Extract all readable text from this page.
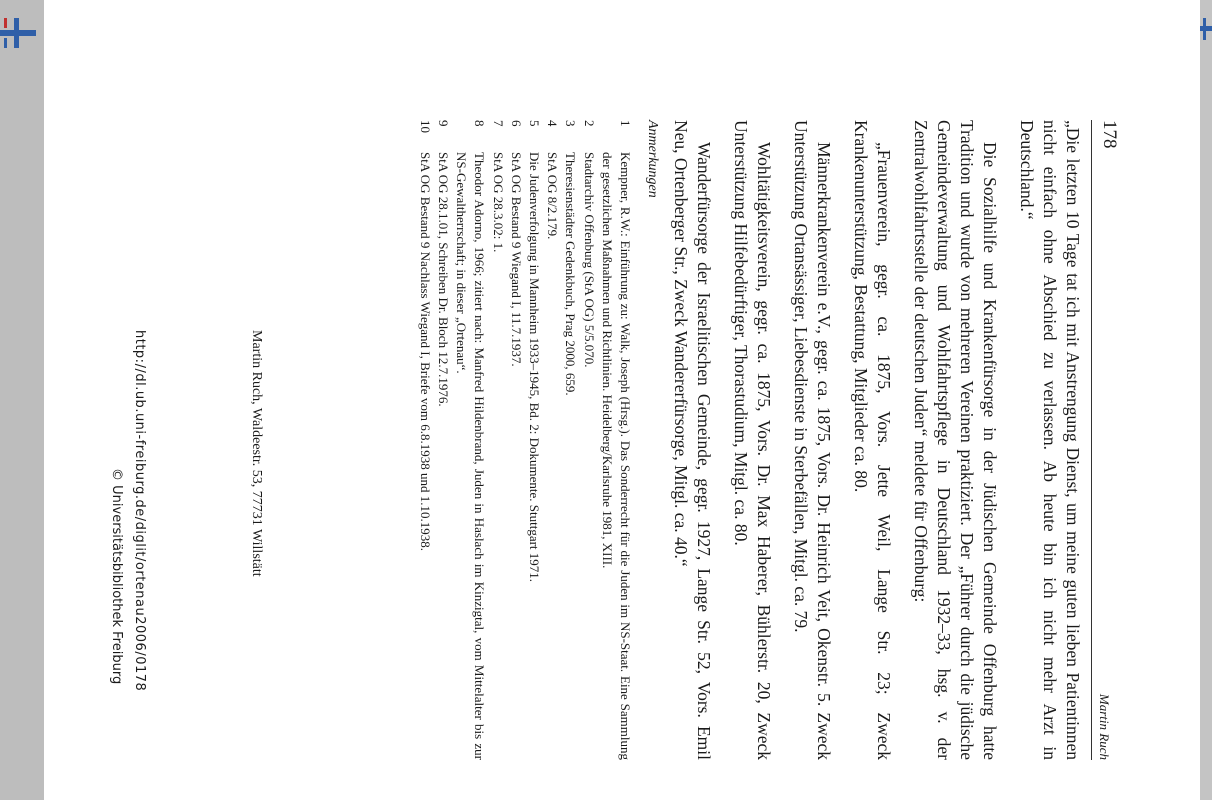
178
Martin Ruch

„Die letzten 10 Tage tat ich mit Anstrengung Dienst, um meine guten lieben Patientinnen nicht einfach ohne Abschied zu verlassen. Ab heute bin ich nicht mehr Arzt in Deutschland.“

Die Sozialhilfe und Krankenfürsorge in der Jüdischen Gemeinde Offenburg hatte Tradition und wurde von mehreren Vereinen praktiziert. Der „Führer durch die jüdische Gemeindeverwaltung und Wohlfahrtspflege in Deutschland 1932–33, hsg. v. der Zentralwohlfahrtsstelle der deutschen Juden“ meldete für Offenburg:

„Frauenverein, gegr. ca. 1875, Vors. Jette Weil, Lange Str. 23; Zweck Krankenunterstützung, Bestattung, Mitglieder ca. 80.

Männerkrankenverein e.V., gegr. ca. 1875, Vors. Dr. Heinrich Veit, Okenstr. 5. Zweck Unterstützung Ortansässiger, Liebesdienste in Sterbefällen, Mitgl. ca. 79.

Wohltätigkeitsverein, gegr. ca. 1875, Vors. Dr. Max Haberer, Bühlerstr. 20, Zweck Unterstützung Hilfebedürftiger, Thorastudium, Mitgl. ca. 80.

Wanderfürsorge der Israelitischen Gemeinde, gegr. 1927, Lange Str. 52, Vors. Emil Neu, Ortenberger Str., Zweck Wandererfürsorge, Mitgl. ca. 40.“

Anmerkungen
1
Kempner, R.W.: Einführung zu: Walk, Joseph (Hrsg.). Das Sonderrecht für die Juden im NS-Staat. Eine Sammlung der gesetzlichen Maßnahmen und Richtlinien. Heidelberg/Karlsruhe 1981, XIII.
2
Stadtarchiv Offenburg (StA OG) 5/5.070.
3
Theresienstädter Gedenkbuch, Prag 2000, 659.
4
StA OG 8/2.179.
5
Die Judenverfolgung in Mannheim 1933–1945, Bd. 2: Dokumente. Stuttgart 1971.
6
StA OG Bestand 9 Wiegand I, 11.7.1937.
7
StA OG 28.3.02: 1.
8
Theodor Adorno, 1966; zitiert nach: Manfred Hildenbrand, Juden in Haslach im Kinzigtal, vom Mittelalter bis zur NS-Gewaltherrschaft; in dieser „Ortenau“.
9
StA OG 28.1.01, Schreiben Dr. Bloch 12.7.1976.
10
StA OG Bestand 9 Nachlass Wiegand I, Briefe vom 6.8.1938 und 1.10.1938.
Martin Ruch, Waldeestr. 53, 77731 Willstätt
http://dl.ub.uni-freiburg.de/diglit/ortenau2006/0178
© Universitätsbibliothek Freiburg
